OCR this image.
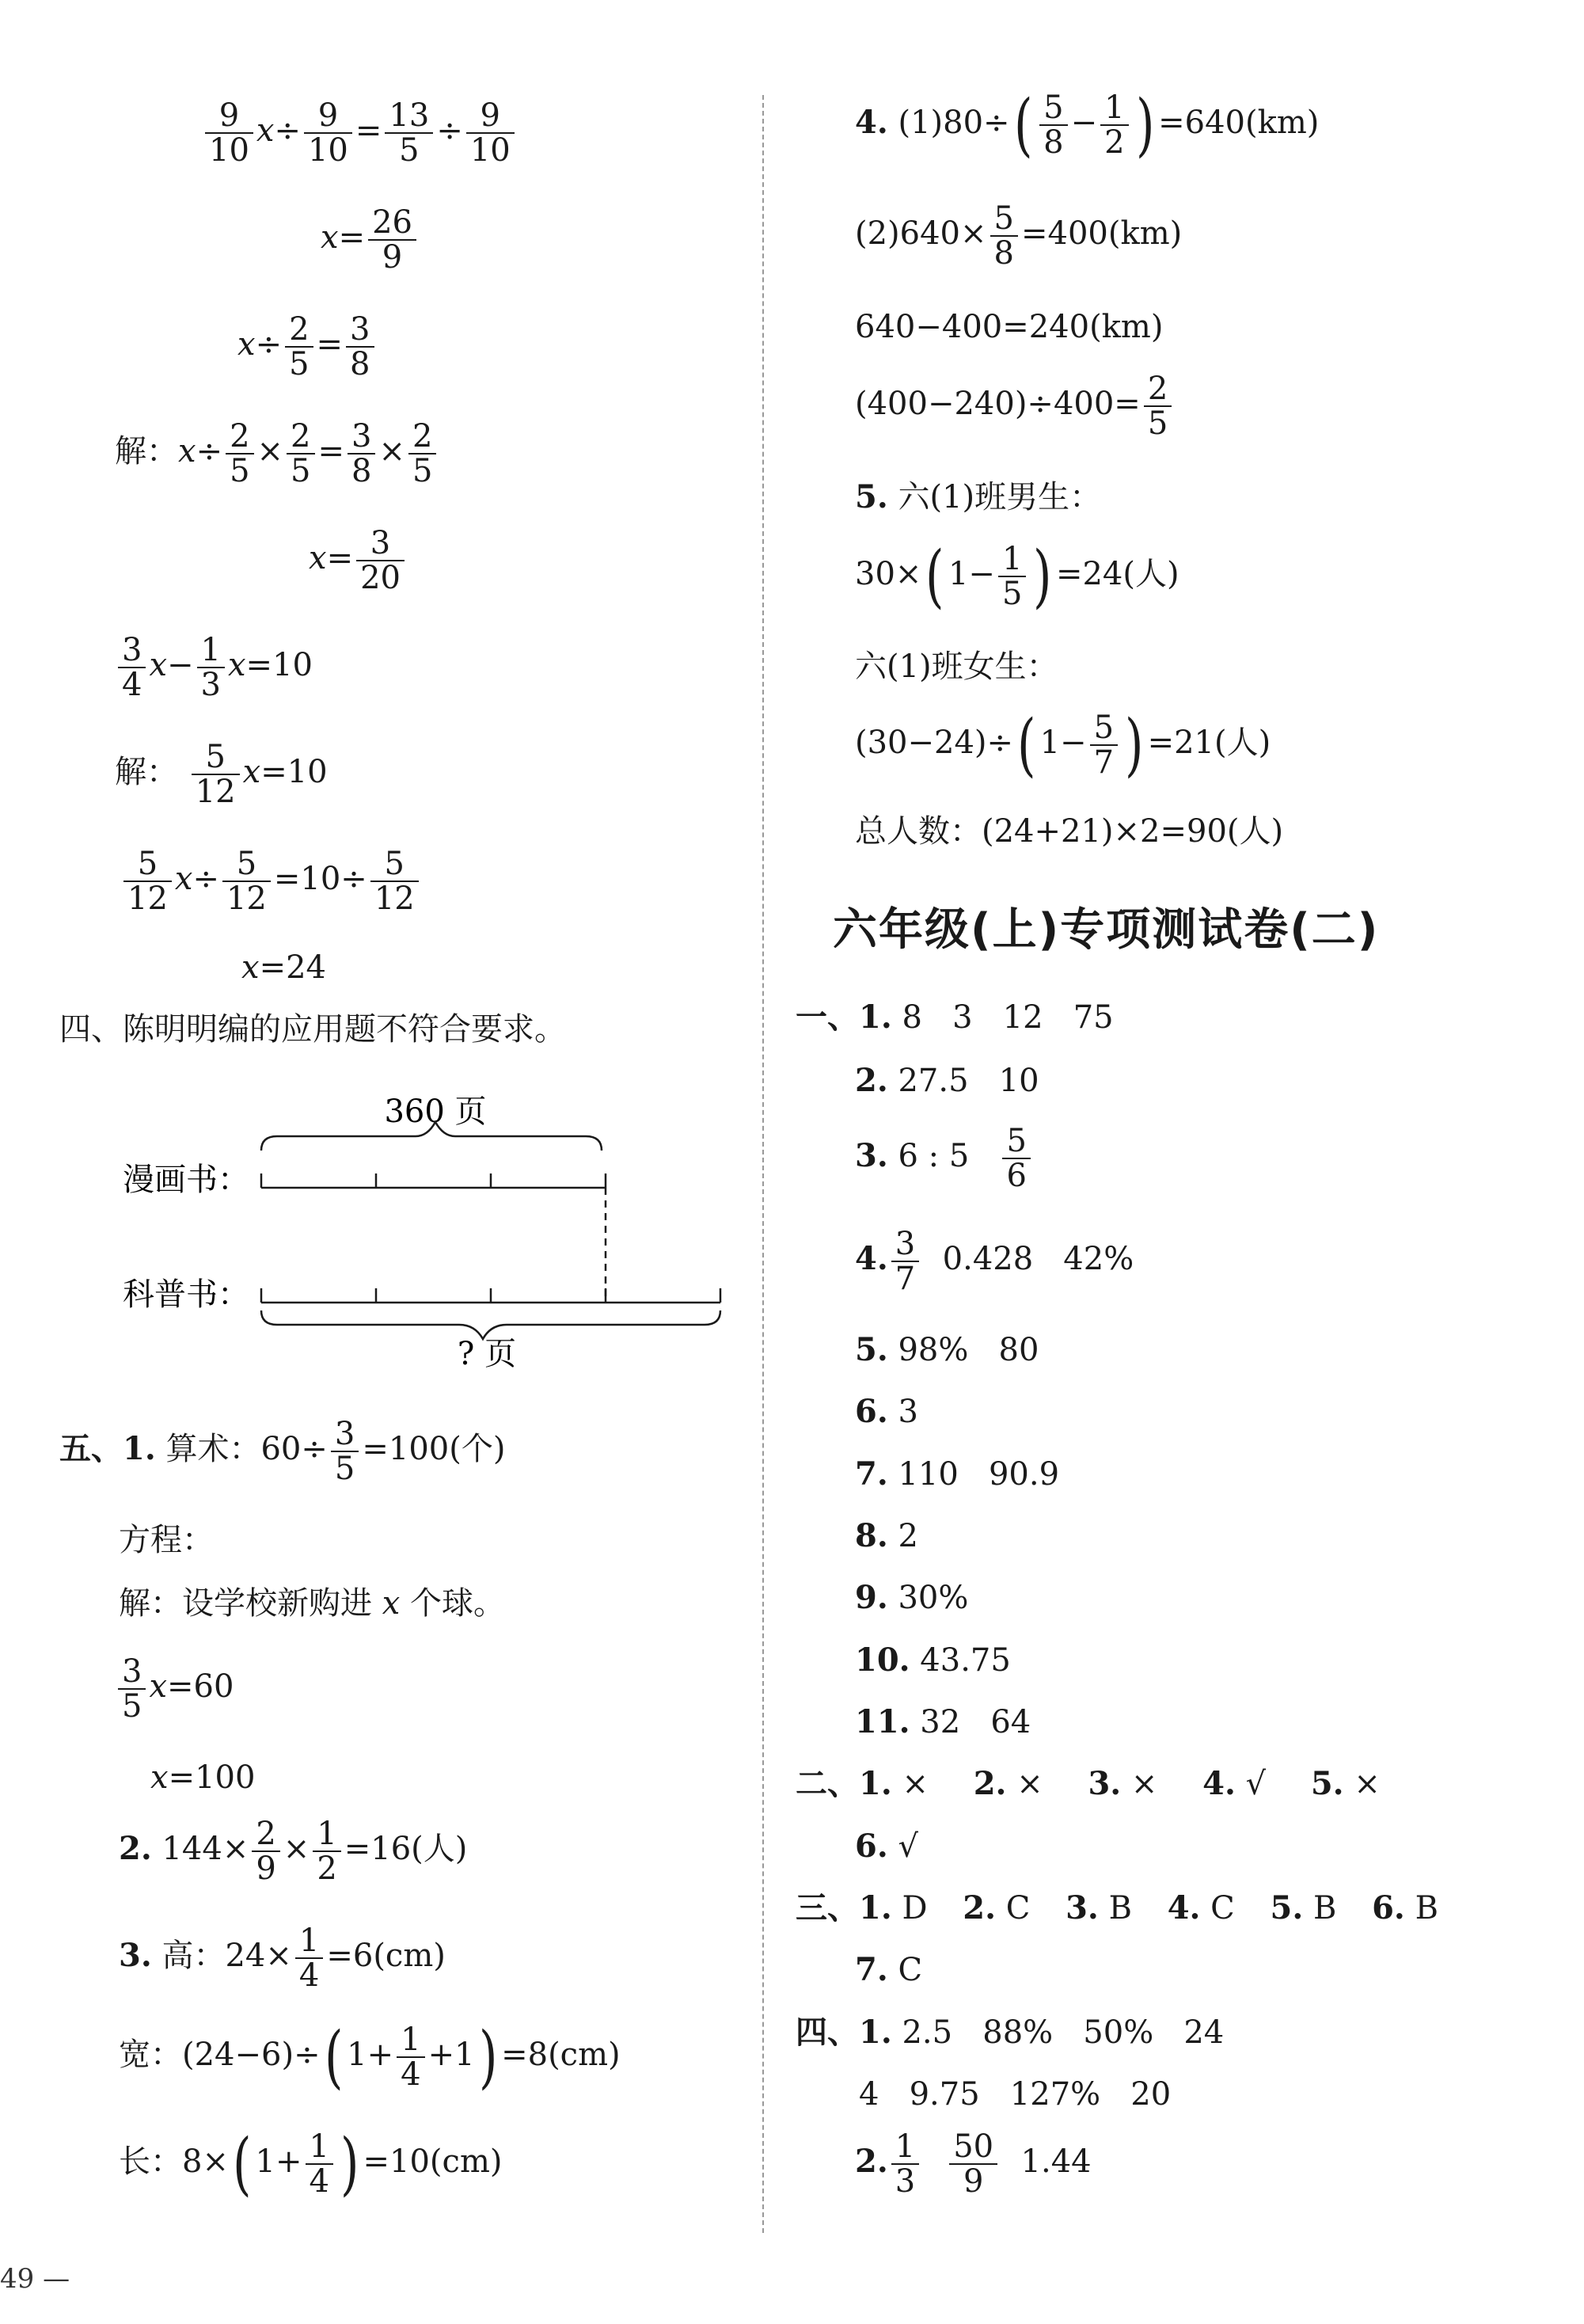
$\frac{9}{10} x\div \frac{9}{10} = \frac{13}{5} \div \frac{9}{10}$
$x= \frac{26}{9}$
$x\div \frac{2}{5} = \frac{3}{8}$
解：$x\div \frac{2}{5} \times \frac{2}{5} = \frac{3}{8} \times \frac{2}{5}$
$x= \frac{3}{20}$
$\frac{3}{4} x- \frac{1}{3} x=10$
解： $\frac{5}{12} x=10$
$\frac{5}{12} x\div \frac{5}{12} =10\div \frac{5}{12}$
x=24
四、陈明明编的应用题不符合要求。
360 页
漫画书：
科普书：
? 页
五、1. 算术：$60\div \frac{3}{5} =100$(个)
方程：
解：设学校新购进 x 个球。
$\frac{3}{5} x=60$
x=100
2. $144\times \frac{2}{9} \times \frac{1}{2} =16$(人)
3. 高：$24\times \frac{1}{4} =6(cm)$
宽：(24−6)÷( $1+ \frac{1}{4} +1) =8(cm)$
长：8×( $1+ \frac{1}{4}$ ) =10(cm)
4. $(1)80\div( \frac{5}{8} - \frac{1}{2}$ ) =640(km)
$(2)640\times \frac{5}{8} =400(km)$
640−400=240(km)
$(400-240)\div 400= \frac{2}{5}$
5. 六(1)班男生：
30×( $1- \frac{1}{5}$ ) =24(人)
六(1)班女生：
(30−24)÷( $1- \frac{5}{7}$ ) =21(人)
总人数：(24+21)×2=90(人)
六年级(上)专项测试卷(二)
一、1. 8   3   12   75
2. 27.5   10
3. 6 : $5 \frac{5}{6}$
4. $\frac{3}{7} 0.428$   42%
5. 98%   80
6. 3
7. 110   90.9
8. 2
9. 30%
10. 43.75
11. 32   64
二、1. × 2. × 3. × 4. √ 5. ×
6. √
三、1. D 2. C 3. B 4. C 5. B 6. B
7. C
四、1. 2.5   88%   50%   24
4   9.75   127%   20
2. $\frac{1}{3} \frac{50}{9} 1.44$
49 —
